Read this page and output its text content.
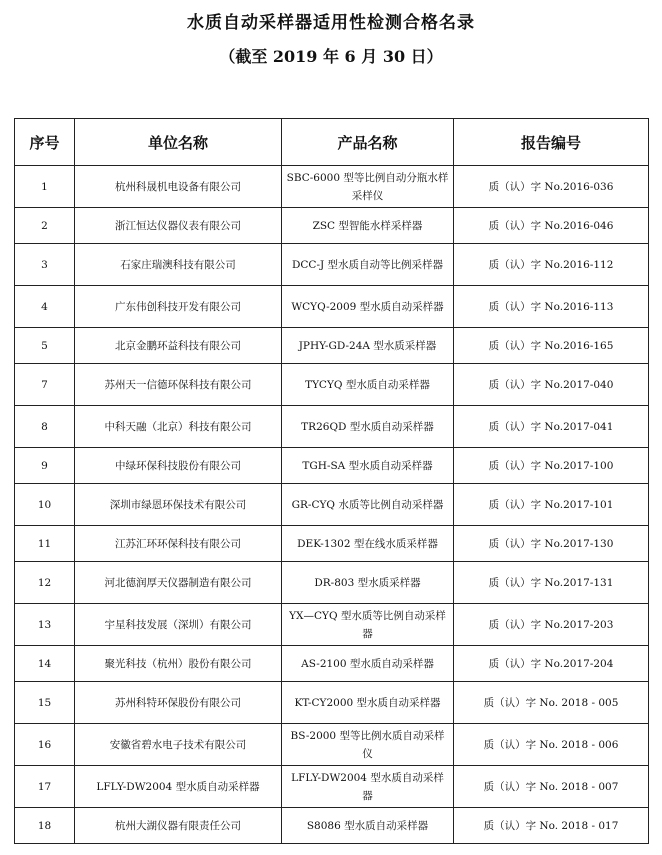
水质自动采样器适用性检测合格名录
（截至 2019 年 6 月 30 日）
序号	单位名称	产品名称	报告编号
1	杭州科晟机电设备有限公司	SBC-6000 型等比例自动分瓶水样采样仪	质（认）字 No.2016-036
2	浙江恒达仪器仪表有限公司	ZSC 型智能水样采样器	质（认）字 No.2016-046
3	石家庄瑞澳科技有限公司	DCC-J 型水质自动等比例采样器	质（认）字 No.2016-112
4	广东伟创科技开发有限公司	WCYQ-2009 型水质自动采样器	质（认）字 No.2016-113
5	北京金鹏环益科技有限公司	JPHY-GD-24A 型水质采样器	质（认）字 No.2016-165
7	苏州天一信德环保科技有限公司	TYCYQ 型水质自动采样器	质（认）字 No.2017-040
8	中科天融（北京）科技有限公司	TR26QD 型水质自动采样器	质（认）字 No.2017-041
9	中绿环保科技股份有限公司	TGH-SA 型水质自动采样器	质（认）字 No.2017-100
10	深圳市绿恩环保技术有限公司	GR-CYQ 水质等比例自动采样器	质（认）字 No.2017-101
11	江苏汇环环保科技有限公司	DEK-1302 型在线水质采样器	质（认）字 No.2017-130
12	河北德润厚天仪器制造有限公司	DR-803 型水质采样器	质（认）字 No.2017-131
13	宇星科技发展（深圳）有限公司	YX—CYQ 型水质等比例自动采样器	质（认）字 No.2017-203
14	聚光科技（杭州）股份有限公司	AS-2100 型水质自动采样器	质（认）字 No.2017-204
15	苏州科特环保股份有限公司	KT-CY2000 型水质自动采样器	质（认）字 No. 2018 - 005
16	安徽省碧水电子技术有限公司	BS-2000 型等比例水质自动采样仪	质（认）字 No. 2018 - 006
17	LFLY-DW2004 型水质自动采样器	LFLY-DW2004 型水质自动采样器	质（认）字 No. 2018 - 007
18	杭州大湖仪器有限责任公司	S8086 型水质自动采样器	质（认）字 No. 2018 - 017
